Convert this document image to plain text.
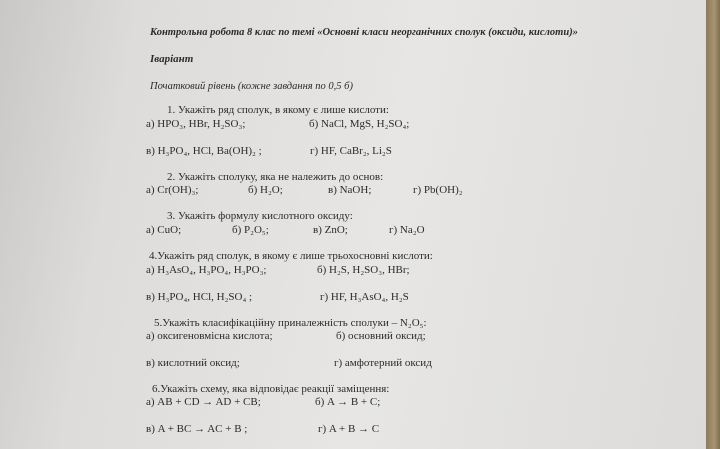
Контрольна робота 8 клас по темі «Основні класи неорганічних сполук (оксиди, кислоти)»
Іваріант
Початковий рівень (кожне завдання по 0,5 б)
1. Укажіть ряд сполук, в якому є лише кислоти:
а) HPO₃, HBr, H₂SO₃;	б) NaCl, MgS, H₂SO₄;
в) H₃PO₄, HCl, Ba(OH)₂ ;	г) HF, CaBr₂, Li₂S
2. Укажіть сполуку, яка не належить до основ:
а) Cr(OH)₃;	б) H₂O;	в) NaOH;	г) Pb(OH)₂
3. Укажіть формулу кислотного оксиду:
а) CuO;	б) P₂O₅;	в) ZnO;	г) Na₂O
4.Укажіть ряд сполук, в якому є лише трьохосновні кислоти:
а) H₃AsO₄, H₃PO₄, H₃PO₃;	б) H₂S, H₂SO₃, HBr;
в) H₃PO₄, HCl, H₂SO₄ ;	г) HF, H₃AsO₄, H₂S
5.Укажіть класифікаційну приналежність сполуки – N₂O₅:
а) оксигеновмісна кислота;	б) основний оксид;
в) кислотний оксид;	г) амфотерний оксид
6.Укажіть схему, яка відповідає реакції заміщення:
а) AB + CD → AD + CB;	б) A → B + C;
в) A + BC → AC + B ;	г) A + B → C
